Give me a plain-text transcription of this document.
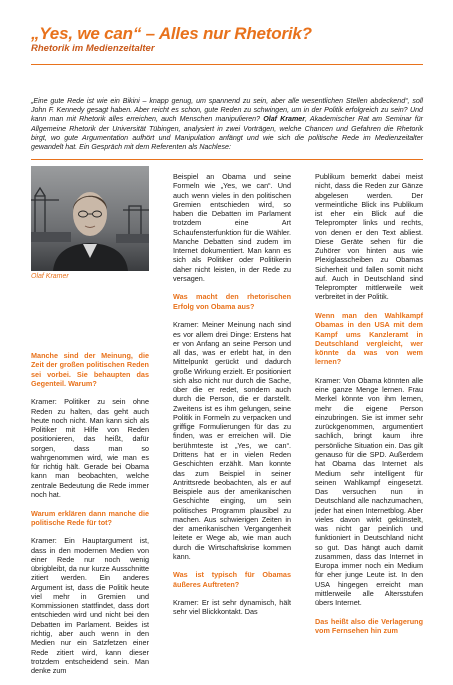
„Yes, we can“ – Alles nur Rhetorik?
Rhetorik im Medienzeitalter
„Eine gute Rede ist wie ein Bikini – knapp genug, um spannend zu sein, aber alle wesentlichen Stellen abdeckend“, soll John F. Kennedy gesagt haben. Aber reicht es schon, gute Reden zu schwingen, um in der Politik erfolgreich zu sein? Und kann man mit Rhetorik alles erreichen, auch Menschen manipulieren? Olaf Kramer, Akademischer Rat am Seminar für Allgemeine Rhetorik der Universität Tübingen, analysiert in zwei Vorträgen, welche Chancen und Gefahren die Rhetorik birgt, wo gute Argumentation aufhört und Manipulation anfängt und wie sich die politische Rede im Medienzeitalter gewandelt hat. Ein Gespräch mit dem Referenten als Nachlese:
Olaf Kramer

Manche sind der Meinung, die Zeit der großen politischen Reden sei vorbei. Sie behaupten das Gegenteil. Warum?

Kramer: Politiker zu sein ohne Reden zu halten, das geht auch heute noch nicht. Man kann sich als Politiker mit Hilfe von Reden positionieren, das heißt, dafür sorgen, dass man so wahrgenommen wird, wie man es für richtig hält. Gerade bei Obama kann man beobachten, welche zentrale Bedeutung die Rede immer noch hat.

Warum erklären dann manche die politische Rede für tot?

Kramer: Ein Hauptargument ist, dass in den modernen Medien von einer Rede nur noch wenig übrigbleibt, da nur kurze Ausschnitte zitiert werden. Ein anderes Argument ist, dass die Politik heute viel mehr in Gremien und Kommissionen stattfindet, dass dort entschieden wird und nicht bei den Debatten im Parlament. Beides ist richtig, aber auch wenn in den Medien nur ein Satzfetzen einer Rede zitiert wird, kann dieser trotzdem entscheidend sein. Man denke zum

Beispiel an Obama und seine Formeln wie „Yes, we can“. Und auch wenn vieles in den politischen Gremien entschieden wird, so haben die Debatten im Parlament trotzdem eine Art Schaufensterfunktion für die Wähler. Manche Debatten sind zudem im Internet dokumentiert. Man kann es sich als Politiker oder Politikerin daher nicht leisten, in der Rede zu versagen.

Was macht den rhetorischen Erfolg von Obama aus?

Kramer: Meiner Meinung nach sind es vor allem drei Dinge: Erstens hat er von Anfang an seine Person und all das, was er erlebt hat, in den Mittelpunkt gerückt und dadurch große Wirkung erzielt. Er positioniert sich also nicht nur durch die Sache, über die er redet, sondern auch durch die Person, die er darstellt. Zweitens ist es ihm gelungen, seine Politik in Formeln zu verpacken und griffige Formulierungen für das zu finden, was er erreichen will. Die berühmteste ist „Yes, we can“. Drittens hat er in vielen Reden Geschichten erzählt. Man konnte das zum Beispiel in seiner Antrittsrede beobachten, als er auf Beispiele aus der amerikanischen Geschichte einging, um sein politisches Programm plausibel zu machen. Aus schwierigen Zeiten in der amerikanischen Vergangenheit leitete er Wege ab, wie man auch durch die Wirtschaftskrise kommen kann.

Was ist typisch für Obamas äußeres Auftreten?

Kramer: Er ist sehr dynamisch, hält sehr viel Blickkontakt. Das

Publikum bemerkt dabei meist nicht, dass die Reden zur Gänze abgelesen werden. Der vermeintliche Blick ins Publikum ist eher ein Blick auf die Teleprompter links und rechts, von denen er den Text abliest. Diese Geräte sehen für die Zuhörer von hinten aus wie Plexiglasscheiben zu Obamas Sicherheit und fallen somit nicht auf. Auch in Deutschland sind Teleprompter mittlerweile weit verbreitet in der Politik.

Wenn man den Wahlkampf Obamas in den USA mit dem Kampf ums Kanzleramt in Deutschland vergleicht, wer könnte da was von wem lernen?

Kramer: Von Obama könnten alle eine ganze Menge lernen. Frau Merkel könnte von ihm lernen, mehr die eigene Person einzubringen. Sie ist immer sehr zurückgenommen, argumentiert sachlich, bringt kaum ihre persönliche Situation ein. Das gilt genauso für die SPD. Außerdem hat Obama das Internet als Medium sehr intelligent für seinen Wahlkampf eingesetzt. Das versuchen nun in Deutschland alle nachzumachen, jeder hat einen Internetblog. Aber vieles davon wirkt gekünstelt, was nicht gar peinlich und funktioniert in Deutschland nicht so gut. Das hängt auch damit zusammen, dass das Internet in Europa immer noch ein Medium für eher junge Leute ist. In den USA hingegen erreicht man mittlerweile alle Altersstufen übers Internet.

Das heißt also die Verlagerung vom Fernsehen hin zum
